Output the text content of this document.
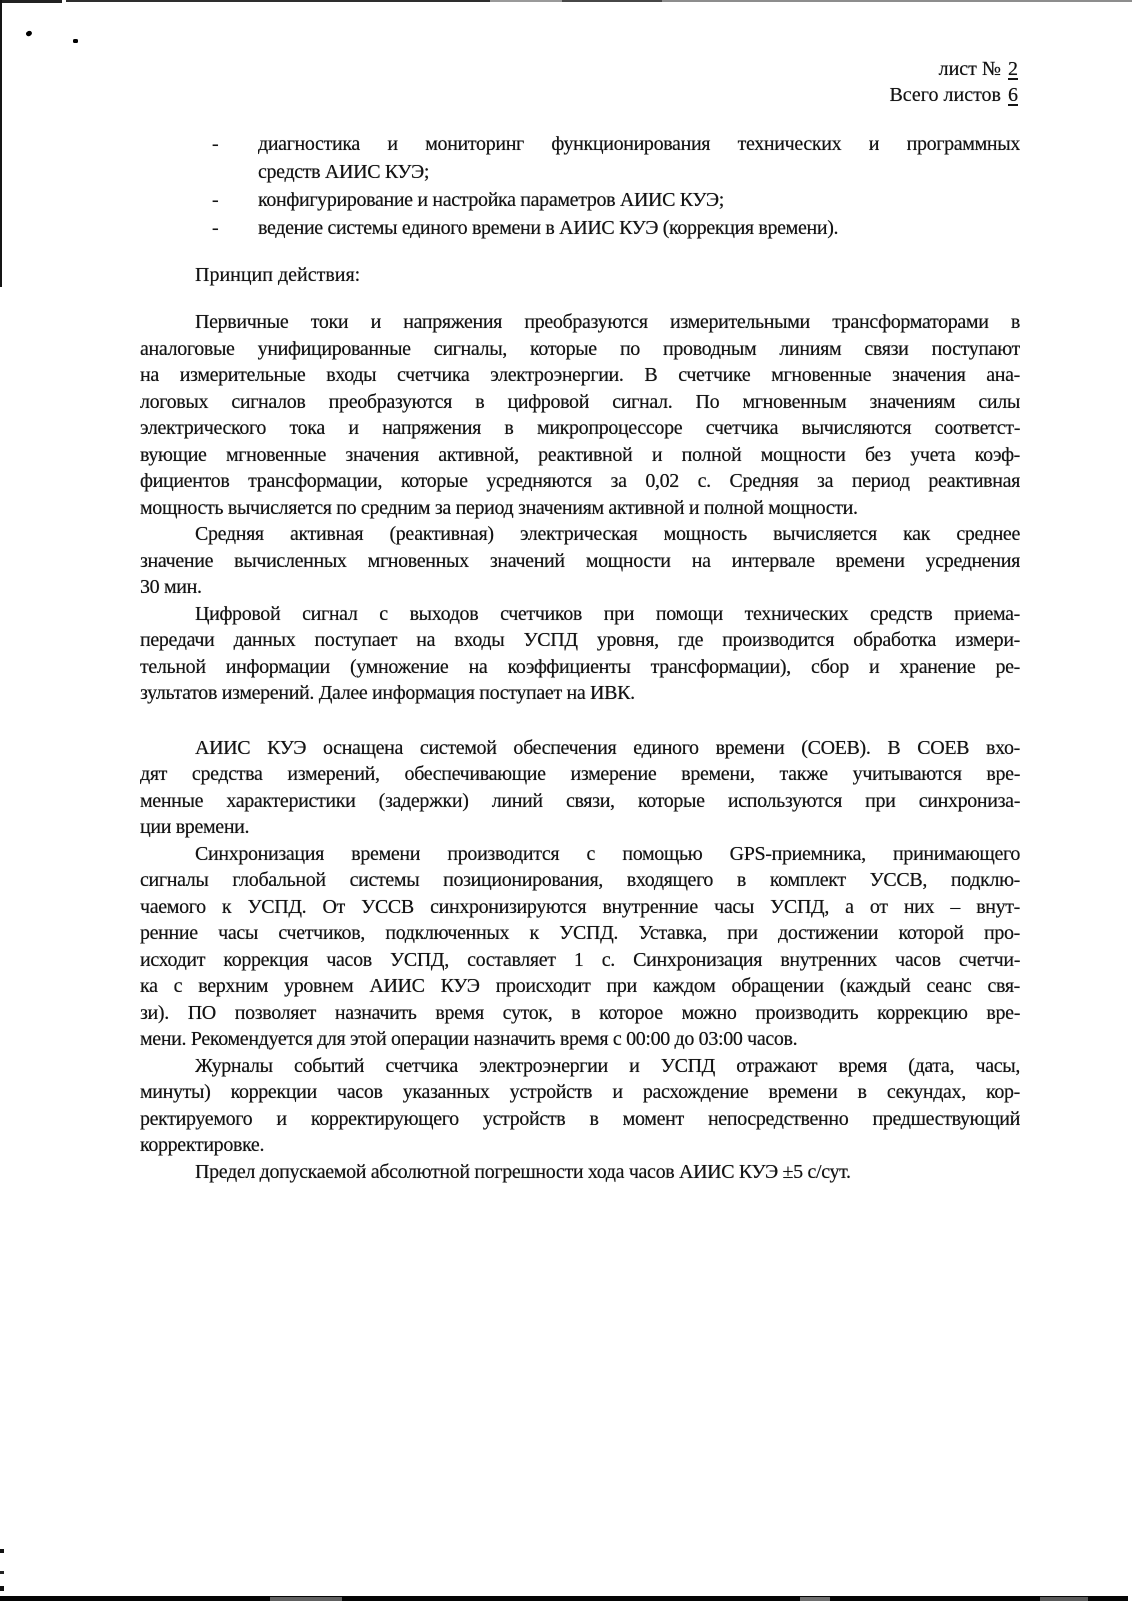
лист № 2
Всего листов 6
-	диагностика и мониторинг функционирования технических и программных
средств АИИС КУЭ;
-	конфигурирование и настройка параметров АИИС КУЭ;
-	ведение системы единого времени в АИИС КУЭ (коррекция времени).
Принцип действия:
Первичные токи и напряжения преобразуются измерительными трансформаторами в
аналоговые унифицированные сигналы, которые по проводным линиям связи поступают
на измерительные входы счетчика электроэнергии. В счетчике мгновенные значения ана-
логовых сигналов преобразуются в цифровой сигнал. По мгновенным значениям силы
электрического тока и напряжения в микропроцессоре счетчика вычисляются соответст-
вующие мгновенные значения активной, реактивной и полной мощности без учета коэф-
фициентов трансформации, которые усредняются за 0,02 с. Средняя за период реактивная
мощность вычисляется по средним за период значениям активной и полной мощности.
Средняя активная (реактивная) электрическая мощность вычисляется как среднее
значение вычисленных мгновенных значений мощности на интервале времени усреднения
30 мин.
Цифровой сигнал с выходов счетчиков при помощи технических средств приема-
передачи данных поступает на входы УСПД уровня, где производится обработка измери-
тельной информации (умножение на коэффициенты трансформации), сбор и хранение ре-
зультатов измерений. Далее информация поступает на ИВК.
АИИС КУЭ оснащена системой обеспечения единого времени (СОЕВ). В СОЕВ вхо-
дят средства измерений, обеспечивающие измерение времени, также учитываются вре-
менные характеристики (задержки) линий связи, которые используются при синхрониза-
ции времени.
Синхронизация времени производится с помощью GPS-приемника, принимающего
сигналы глобальной системы позиционирования, входящего в комплект УССВ, подклю-
чаемого к УСПД. От УССВ синхронизируются внутренние часы УСПД, а от них – внут-
ренние часы счетчиков, подключенных к УСПД. Уставка, при достижении которой про-
исходит коррекция часов УСПД, составляет 1 с. Синхронизация внутренних часов счетчи-
ка с верхним уровнем АИИС КУЭ происходит при каждом обращении (каждый сеанс свя-
зи). ПО позволяет назначить время суток, в которое можно производить коррекцию вре-
мени. Рекомендуется для этой операции назначить время с 00:00 до 03:00 часов.
Журналы событий счетчика электроэнергии и УСПД отражают время (дата, часы,
минуты) коррекции часов указанных устройств и расхождение времени в секундах, кор-
ректируемого и корректирующего устройств в момент непосредственно предшествующий
корректировке.
Предел допускаемой абсолютной погрешности хода часов АИИС КУЭ ±5 с/сут.
